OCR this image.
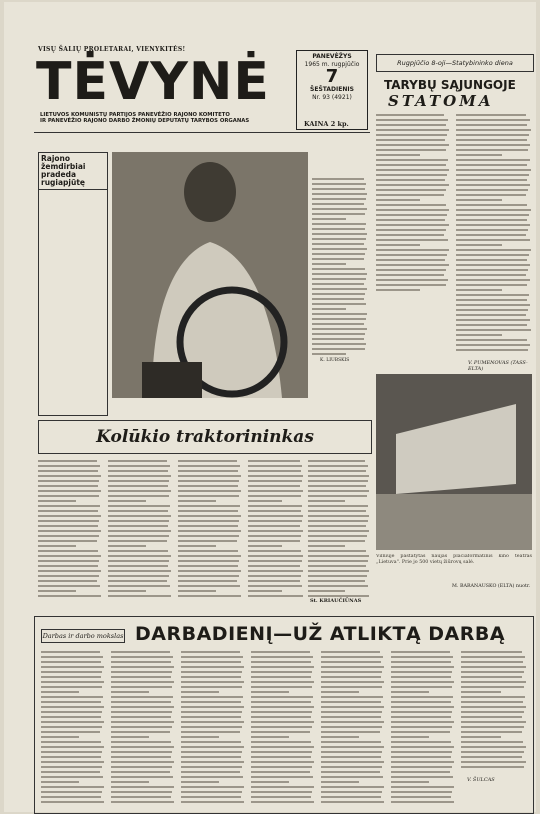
VISŲ ŠALIŲ PROLETARAI, VIENYKITĖS!
TĖVYNĖ
LIETUVOS KOMUNISTŲ PARTIJOS PANEVĖŽIO RAJONO KOMITETO
IR PANEVĖŽIO RAJONO DARBO ŽMONIŲ DEPUTATŲ TARYBOS ORGANAS
PANEVĖŽYS
1965 m. rugpjūčio
7
ŠEŠTADIENIS
Nr. 93 (4921)
KAINA 2 kp.
Rugpjūčio 8-oji—Statybininko diena
TARYBŲ SĄJUNGOJE
STATOMA
V. PUMENOVAS (TASS-ELTA)
Rajono žemdirbiai
pradeda rugiapjūtę
K. LIUBSKIS
Vilniuje pastatytas naujas plačiaformatinis kino teatras „Lietuva". Prie jo 500 vietų žiūrovų salė.
M. BARANAUSKO (ELTA) nuotr.
Kolūkio traktorininkas
St. KRIAUČIŪNAS
Darbas ir darbo mokslas DARBADIENĮ—UŽ ATLIKTĄ DARBĄ
V. ŠULCAS
